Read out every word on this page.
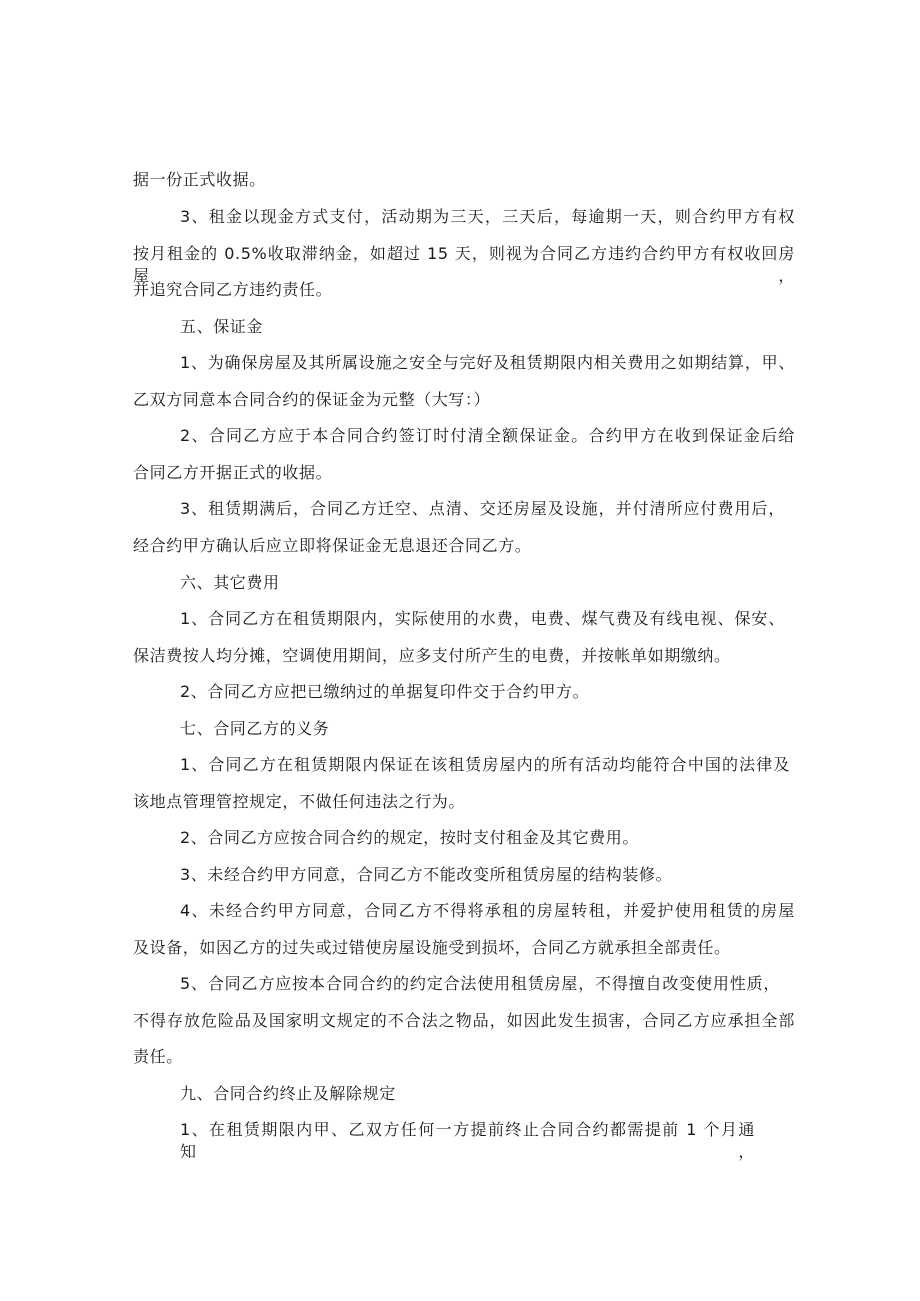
据一份正式收据。
3、租金以现金方式支付，活动期为三天，三天后，每逾期一天，则合约甲方有权
按月租金的 0.5%收取滞纳金，如超过 15 天，则视为合同乙方违约合约甲方有权收回房屋，
并追究合同乙方违约责任。
五、保证金
1、为确保房屋及其所属设施之安全与完好及租赁期限内相关费用之如期结算，甲、
乙双方同意本合同合约的保证金为元整（大写：）
2、合同乙方应于本合同合约签订时付清全额保证金。合约甲方在收到保证金后给
合同乙方开据正式的收据。
3、租赁期满后，合同乙方迁空、点清、交还房屋及设施，并付清所应付费用后，
经合约甲方确认后应立即将保证金无息退还合同乙方。
六、其它费用
1、合同乙方在租赁期限内，实际使用的水费，电费、煤气费及有线电视、保安、
保洁费按人均分摊，空调使用期间，应多支付所产生的电费，并按帐单如期缴纳。
2、合同乙方应把已缴纳过的单据复印件交于合约甲方。
七、合同乙方的义务
1、合同乙方在租赁期限内保证在该租赁房屋内的所有活动均能符合中国的法律及
该地点管理管控规定，不做任何违法之行为。
2、合同乙方应按合同合约的规定，按时支付租金及其它费用。
3、未经合约甲方同意，合同乙方不能改变所租赁房屋的结构装修。
4、未经合约甲方同意，合同乙方不得将承租的房屋转租，并爱护使用租赁的房屋
及设备，如因乙方的过失或过错使房屋设施受到损坏，合同乙方就承担全部责任。
5、合同乙方应按本合同合约的约定合法使用租赁房屋，不得擅自改变使用性质，
不得存放危险品及国家明文规定的不合法之物品，如因此发生损害，合同乙方应承担全部
责任。
九、合同合约终止及解除规定
1、在租赁期限内甲、乙双方任何一方提前终止合同合约都需提前 1 个月通知，
